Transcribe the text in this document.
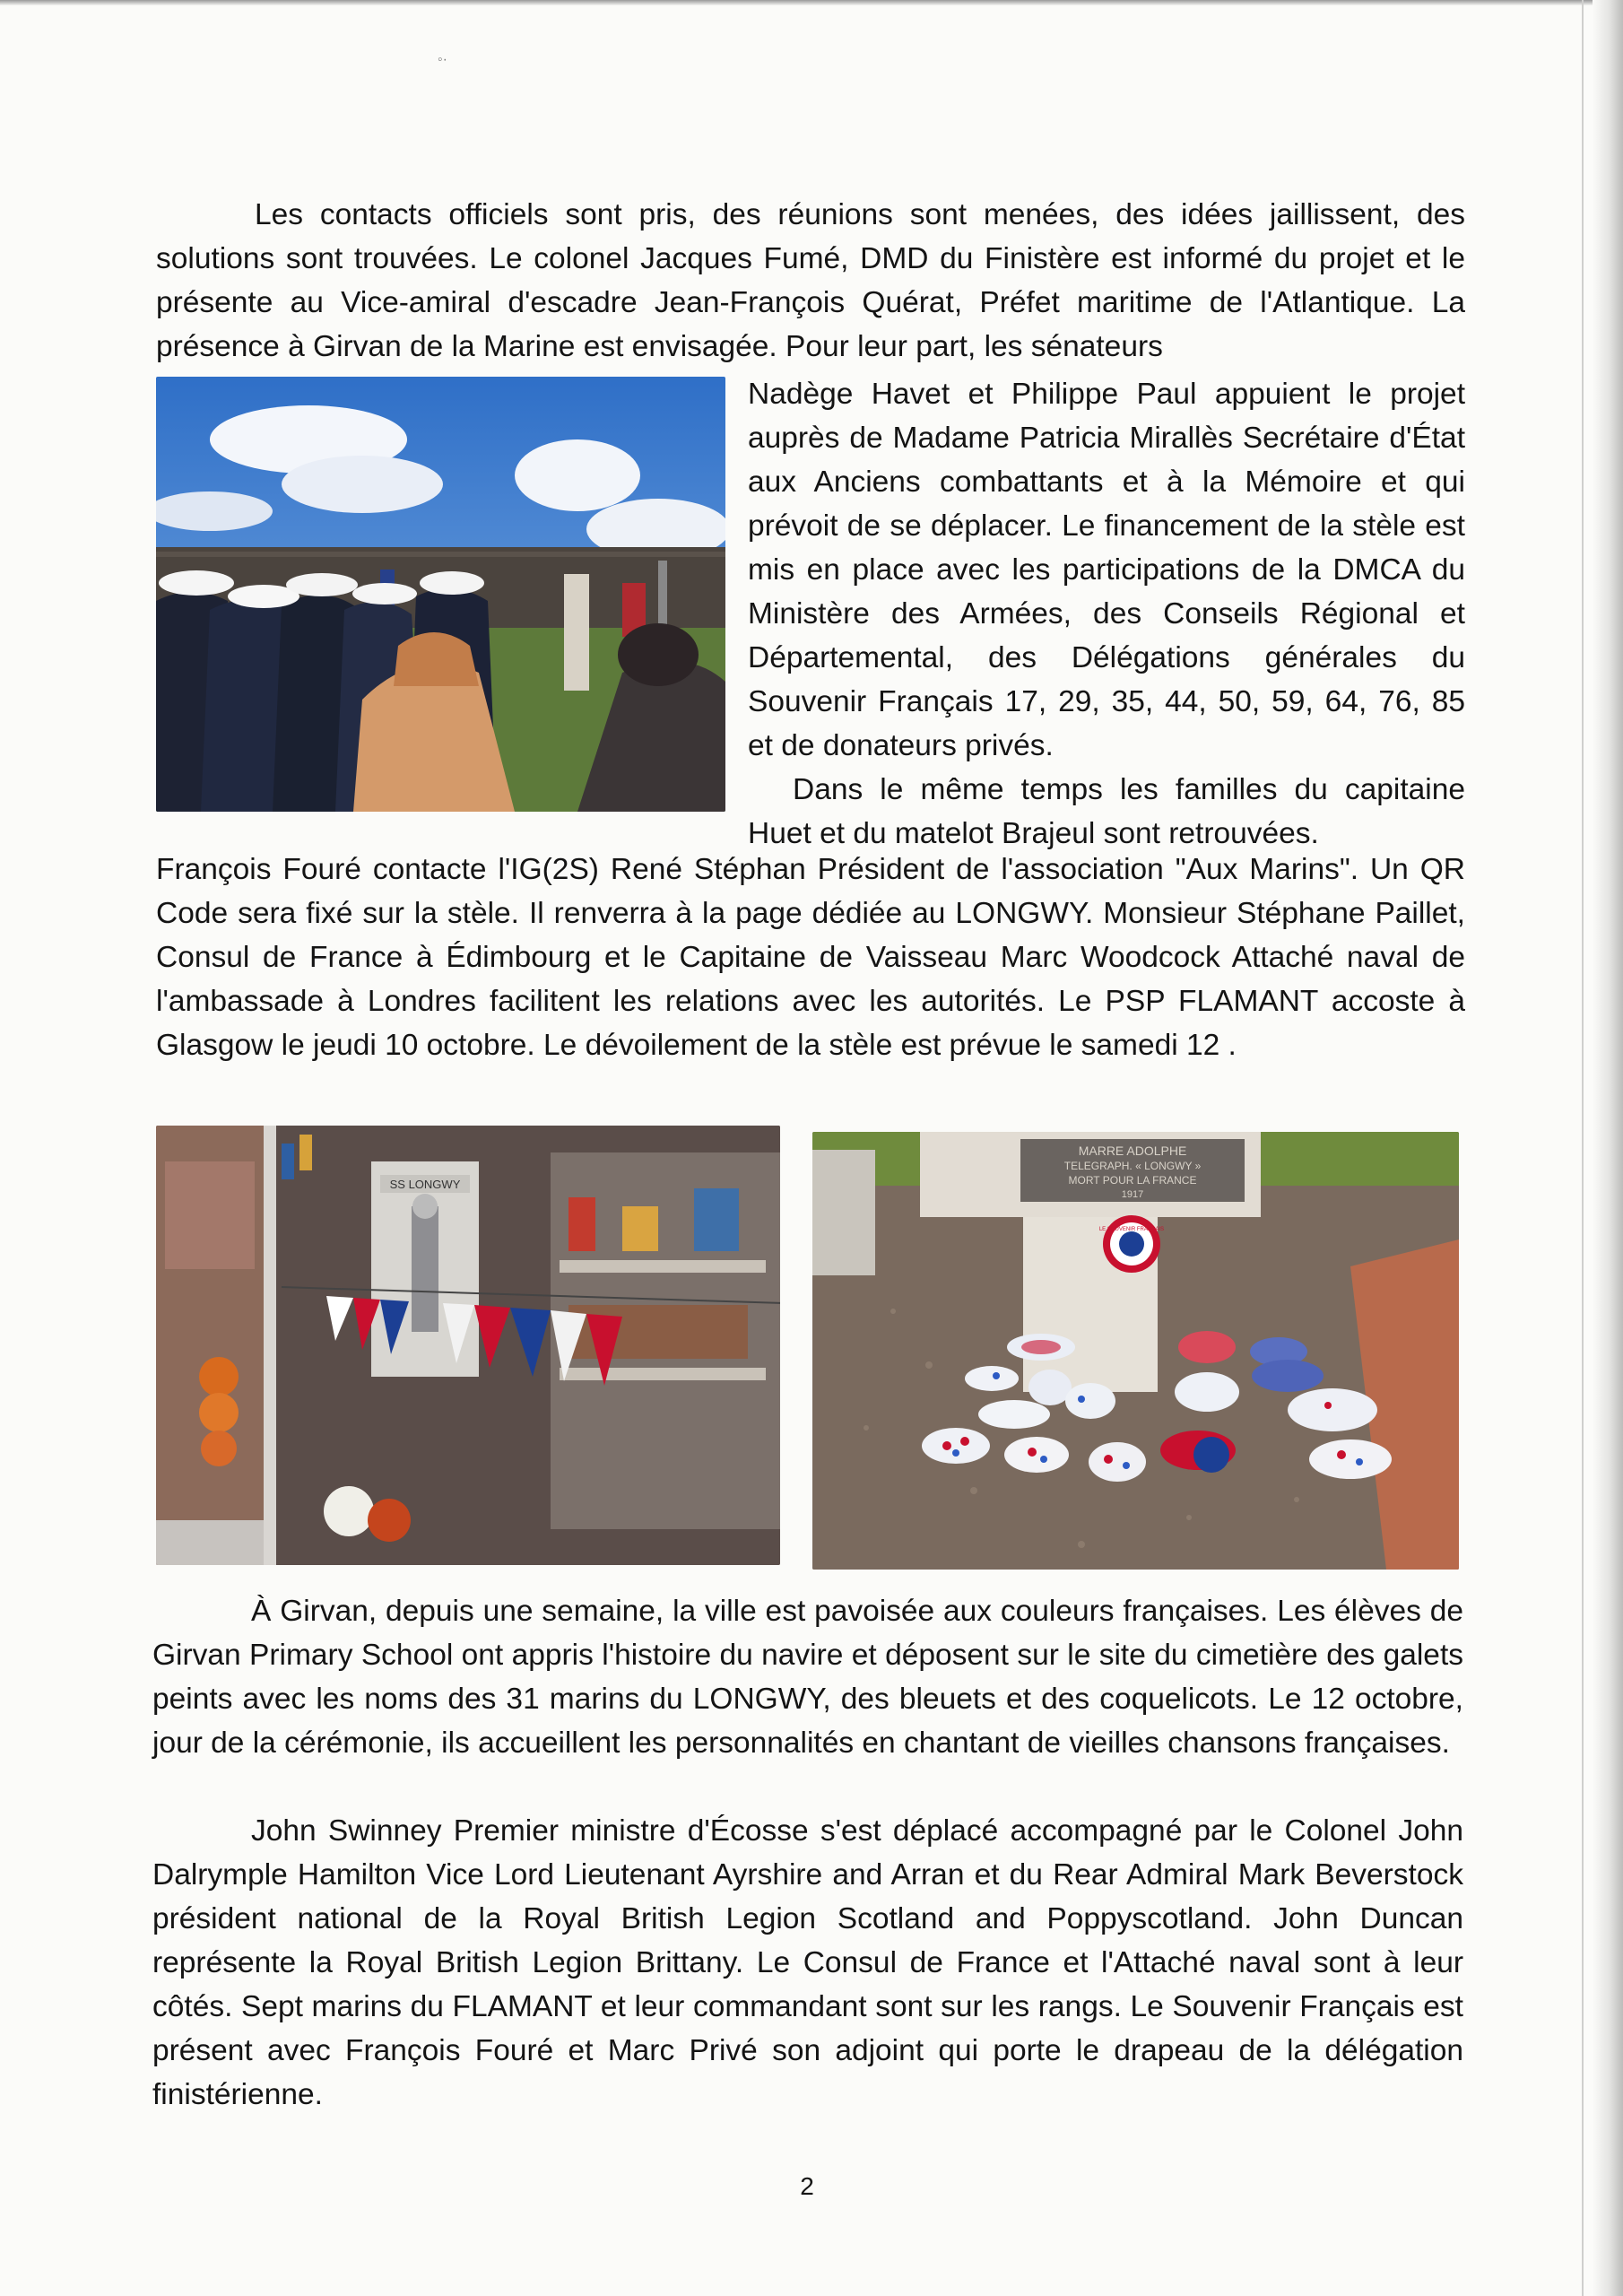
◦·

Les contacts officiels sont pris, des réunions sont menées, des idées jaillissent, des solutions sont trouvées. Le colonel Jacques Fumé, DMD du Finistère est informé du projet et le présente au Vice-amiral d'escadre Jean-François Quérat, Préfet maritime de l'Atlantique. La présence à Girvan de la Marine est envisagée. Pour leur part, les sénateurs

Nadège Havet et Philippe Paul appuient le projet auprès de Madame Patricia Mirallès Secrétaire d'État aux Anciens combattants et à la Mémoire et qui prévoit de se déplacer. Le financement de la stèle est mis en place avec les participations de la DMCA du Ministère des Armées, des Conseils Régional et Départemental, des Délégations générales du Souvenir Français 17, 29, 35, 44, 50, 59, 64, 76, 85 et de donateurs privés.

Dans le même temps les familles du capitaine Huet et du matelot Brajeul sont retrouvées.

François Fouré contacte l'IG(2S) René Stéphan Président de l'association "Aux Marins". Un QR Code sera fixé sur la stèle. Il renverra à la page dédiée au LONGWY. Monsieur Stéphane Paillet, Consul de France à Édimbourg et le Capitaine de Vaisseau Marc Woodcock Attaché naval de l'ambassade à Londres facilitent les relations avec les autorités. Le PSP FLAMANT accoste à Glasgow le jeudi 10 octobre. Le dévoilement de la stèle est prévue le samedi 12 .

SS LONGWY
MARRE ADOLPHE
TELEGRAPH. « LONGWY »
MORT POUR LA FRANCE
1917
LE SOUVENIR FRANÇAIS

À Girvan, depuis une semaine, la ville est pavoisée aux couleurs françaises. Les élèves de Girvan Primary School ont appris l'histoire du navire et déposent sur le site du cimetière des galets peints avec les noms des 31 marins du LONGWY, des bleuets et des coquelicots. Le 12 octobre, jour de la cérémonie, ils accueillent les personnalités en chantant de vieilles chansons françaises.

John Swinney Premier ministre d'Écosse s'est déplacé accompagné par le Colonel John Dalrymple Hamilton Vice Lord Lieutenant Ayrshire and Arran et du Rear Admiral Mark Beverstock président national de la Royal British Legion Scotland and Poppyscotland. John Duncan représente la Royal British Legion Brittany. Le Consul de France et l'Attaché naval sont à leur côtés. Sept marins du FLAMANT et leur commandant sont sur les rangs. Le Souvenir Français est présent avec François Fouré et Marc Privé son adjoint qui porte le drapeau de la délégation finistérienne.

2
